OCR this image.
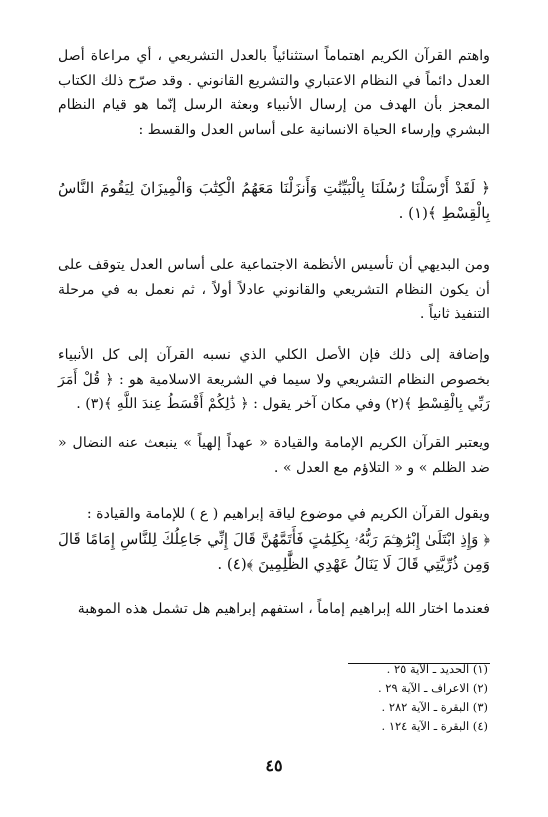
واهتم القرآن الكريم اهتماماً استثنائياً بالعدل التشريعي ، أي مراعاة أصل العدل دائماً في النظام الاعتباري والتشريع القانوني . وقد صرّح ذلك الكتاب المعجز بأن الهدف من إرسال الأنبياء وبعثة الرسل إنّما هو قيام النظام البشري وإرساء الحياة الانسانية على أساس العدل والقسط :

﴿ لَقَدْ أَرْسَلْنَا رُسُلَنَا بِالْبَيِّنَٰتِ وَأَنزَلْنَا مَعَهُمُ الْكِتَٰبَ وَالْمِيزَانَ لِيَقُومَ النَّاسُ بِالْقِسْطِ ﴾(١) .

ومن البديهي أن تأسيس الأنظمة الاجتماعية على أساس العدل يتوقف على أن يكون النظام التشريعي والقانوني عادلاً أولاً ، ثم نعمل به في مرحلة التنفيذ ثانياً .

وإضافة إلى ذلك فإن الأصل الكلي الذي نسبه القرآن إلى كل الأنبياء بخصوص النظام التشريعي ولا سيما في الشريعة الاسلامية هو : ﴿ قُلْ أَمَرَ رَبِّي بِالْقِسْطِ ﴾(٢) وفي مكان آخر يقول : ﴿ ذَٰلِكُمْ أَقْسَطُ عِندَ اللَّهِ ﴾(٣) .

ويعتبر القرآن الكريم الإمامة والقيادة « عهداً إلهياً » ينبعث عنه النضال « ضد الظلم » و « التلاؤم مع العدل » .

ويقول القرآن الكريم في موضوع لياقة إبراهيم ( ع ) للإمامة والقيادة :

﴿ وَإِذِ ابْتَلَىٰ إِبْرَٰهِـۧمَ رَبُّهُۥ بِكَلِمَٰتٍ فَأَتَمَّهُنَّ قَالَ إِنِّي جَاعِلُكَ لِلنَّاسِ إِمَامًا قَالَ وَمِن ذُرِّيَّتِي قَالَ لَا يَنَالُ عَهْدِي الظَّٰلِمِينَ ﴾(٤) .

فعندما اختار الله إبراهيم إماماً ، استفهم إبراهيم هل تشمل هذه الموهبة

(١) الحديد ـ الآية ٢٥ .
(٢) الاعراف ـ الآية ٢٩ .
(٣) البقرة ـ الآية ٢٨٢ .
(٤) البقرة ـ الآية ١٢٤ .
٤٥
